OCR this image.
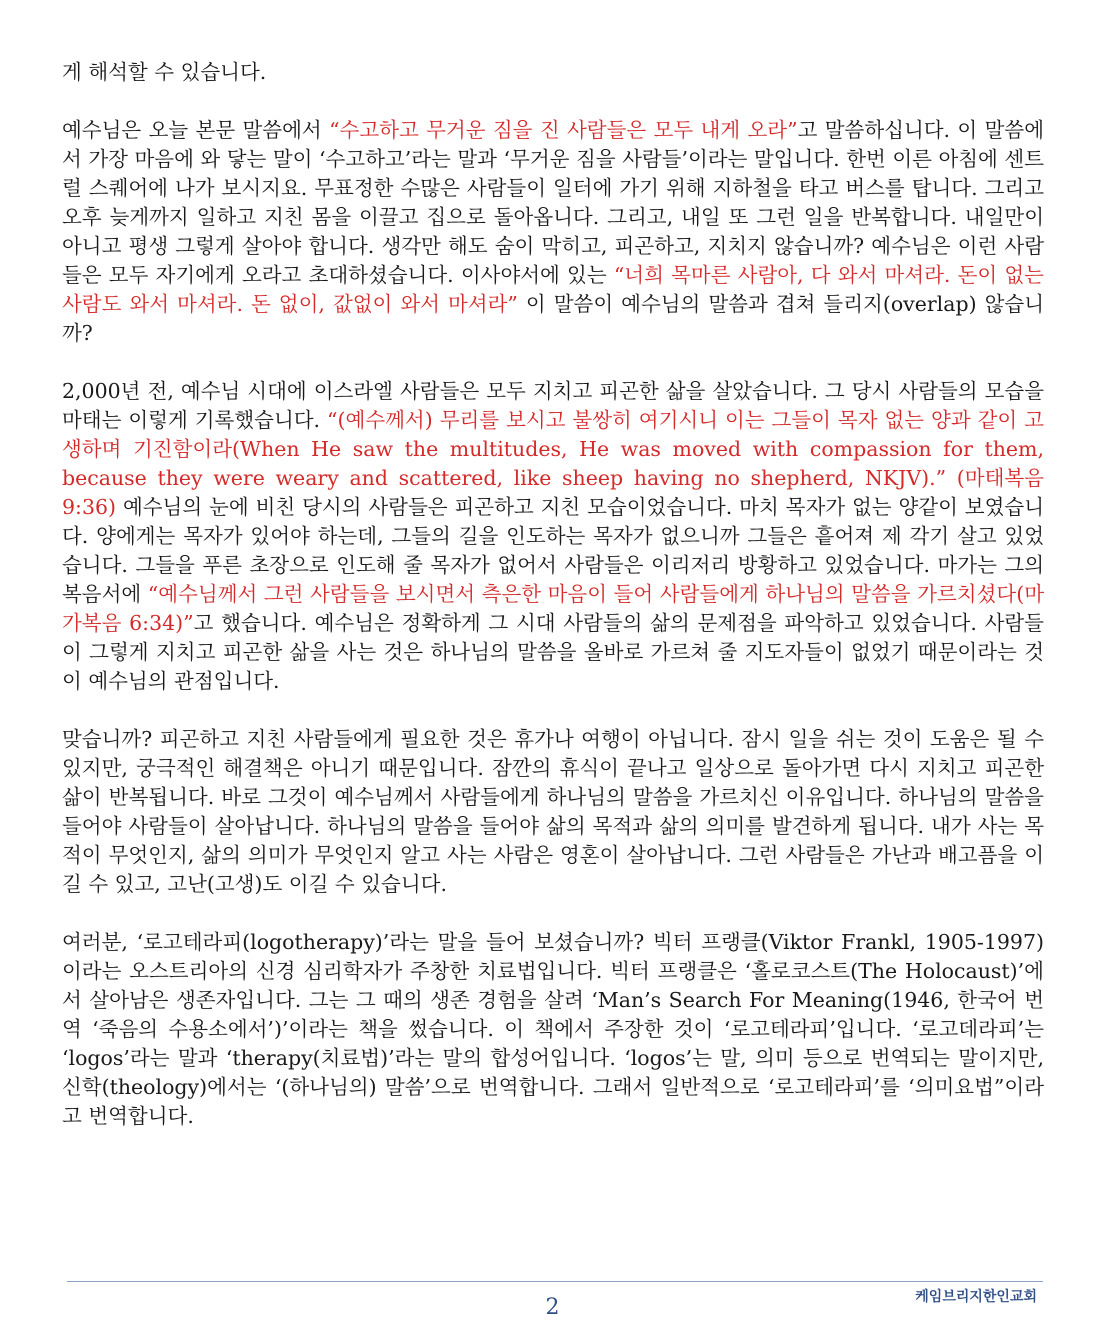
게 해석할 수 있습니다.

예수님은 오늘 본문 말씀에서 “수고하고 무거운 짐을 진 사람들은 모두 내게 오라”고 말씀하십니다. 이 말씀에서 가장 마음에 와 닿는 말이 ‘수고하고’라는 말과 ‘무거운 짐을 사람들’이라는 말입니다. 한번 이른 아침에 센트럴 스퀘어에 나가 보시지요. 무표정한 수많은 사람들이 일터에 가기 위해 지하철을 타고 버스를 탑니다. 그리고 오후 늦게까지 일하고 지친 몸을 이끌고 집으로 돌아옵니다. 그리고, 내일 또 그런 일을 반복합니다. 내일만이 아니고 평생 그렇게 살아야 합니다. 생각만 해도 숨이 막히고, 피곤하고, 지치지 않습니까? 예수님은 이런 사람들은 모두 자기에게 오라고 초대하셨습니다. 이사야서에 있는 “너희 목마른 사람아, 다 와서 마셔라. 돈이 없는 사람도 와서 마셔라. 돈 없이, 값없이 와서 마셔라” 이 말씀이 예수님의 말씀과 겹쳐 들리지(overlap) 않습니까?

2,000년 전, 예수님 시대에 이스라엘 사람들은 모두 지치고 피곤한 삶을 살았습니다. 그 당시 사람들의 모습을 마태는 이렇게 기록했습니다. “(예수께서) 무리를 보시고 불쌍히 여기시니 이는 그들이 목자 없는 양과 같이 고생하며 기진함이라(When He saw the multitudes, He was moved with compassion for them, because they were weary and scattered, like sheep having no shepherd, NKJV).” (마태복음 9:36) 예수님의 눈에 비친 당시의 사람들은 피곤하고 지친 모습이었습니다. 마치 목자가 없는 양같이 보였습니다. 양에게는 목자가 있어야 하는데, 그들의 길을 인도하는 목자가 없으니까 그들은 흩어져 제 각기 살고 있었습니다. 그들을 푸른 초장으로 인도해 줄 목자가 없어서 사람들은 이리저리 방황하고 있었습니다. 마가는 그의 복음서에 “예수님께서 그런 사람들을 보시면서 측은한 마음이 들어 사람들에게 하나님의 말씀을 가르치셨다(마가복음 6:34)”고 했습니다. 예수님은 정확하게 그 시대 사람들의 삶의 문제점을 파악하고 있었습니다. 사람들이 그렇게 지치고 피곤한 삶을 사는 것은 하나님의 말씀을 올바로 가르쳐 줄 지도자들이 없었기 때문이라는 것이 예수님의 관점입니다.

맞습니까? 피곤하고 지친 사람들에게 필요한 것은 휴가나 여행이 아닙니다. 잠시 일을 쉬는 것이 도움은 될 수 있지만, 궁극적인 해결책은 아니기 때문입니다. 잠깐의 휴식이 끝나고 일상으로 돌아가면 다시 지치고 피곤한 삶이 반복됩니다. 바로 그것이 예수님께서 사람들에게 하나님의 말씀을 가르치신 이유입니다. 하나님의 말씀을 들어야 사람들이 살아납니다. 하나님의 말씀을 들어야 삶의 목적과 삶의 의미를 발견하게 됩니다. 내가 사는 목적이 무엇인지, 삶의 의미가 무엇인지 알고 사는 사람은 영혼이 살아납니다. 그런 사람들은 가난과 배고픔을 이길 수 있고, 고난(고생)도 이길 수 있습니다.

여러분, ‘로고테라피(logotherapy)’라는 말을 들어 보셨습니까? 빅터 프랭클(Viktor Frankl, 1905-1997)이라는 오스트리아의 신경 심리학자가 주창한 치료법입니다. 빅터 프랭클은 ‘홀로코스트(The Holocaust)’에서 살아남은 생존자입니다. 그는 그 때의 생존 경험을 살려 ‘Man’s Search For Meaning(1946, 한국어 번역 ‘죽음의 수용소에서’)’이라는 책을 썼습니다. 이 책에서 주장한 것이 ‘로고테라피’입니다. ‘로고데라피’는 ‘logos’라는 말과 ‘therapy(치료법)’라는 말의 합성어입니다. ‘logos’는 말, 의미 등으로 번역되는 말이지만, 신학(theology)에서는 ‘(하나님의) 말씀’으로 번역합니다. 그래서 일반적으로 ‘로고테라피’를 ‘의미요법”이라고 번역합니다.

케임브리지한인교회
2
